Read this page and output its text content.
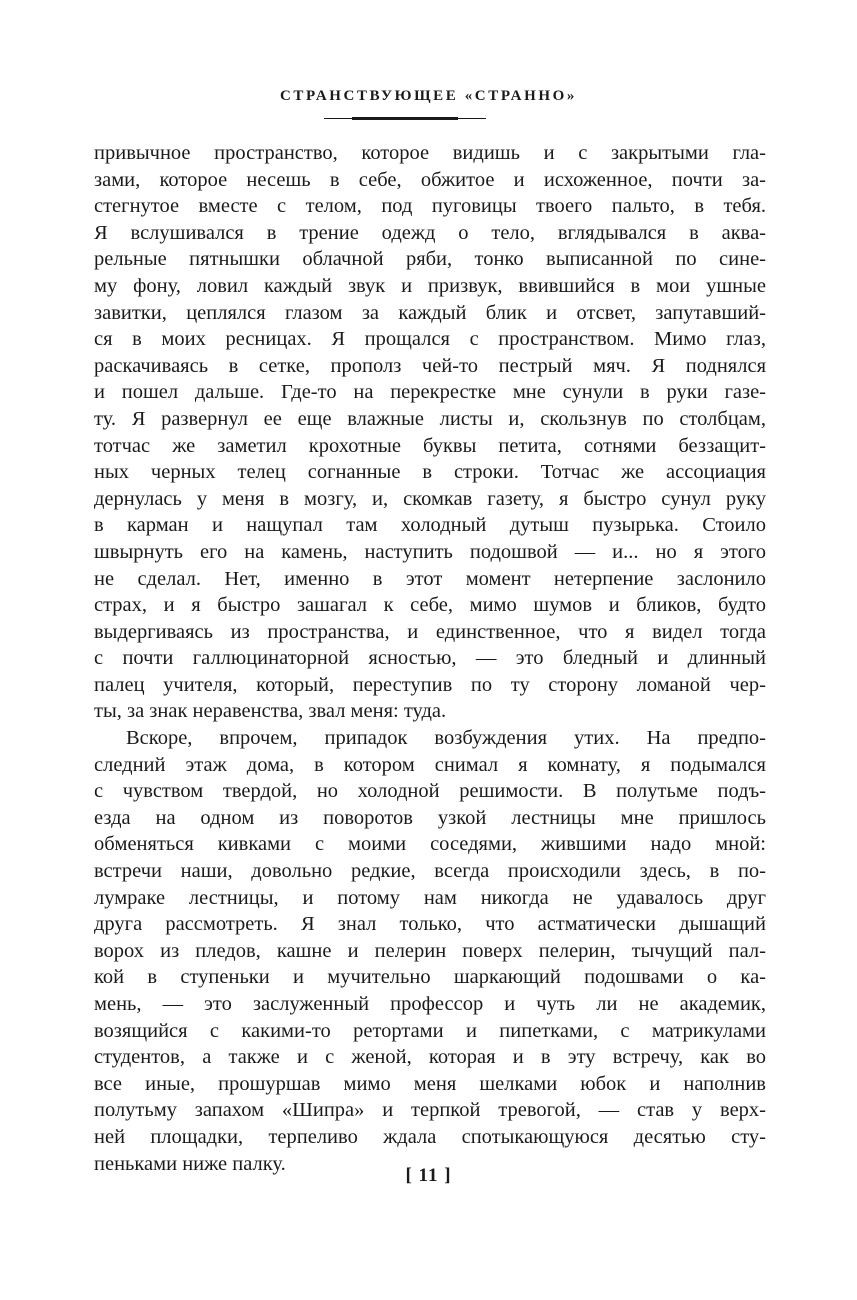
СТРАНСТВУЮЩЕЕ «СТРАННО»
привычное пространство, которое видишь и с закрытыми гла-
зами, которое несешь в себе, обжитое и исхоженное, почти за-
стегнутое вместе с телом, под пуговицы твоего пальто, в тебя.
Я вслушивался в трение одежд о тело, вглядывался в аква-
рельные пятнышки облачной ряби, тонко выписанной по сине-
му фону, ловил каждый звук и призвук, ввившийся в мои ушные
завитки, цеплялся глазом за каждый блик и отсвет, запутавший-
ся в моих ресницах. Я прощался с пространством. Мимо глаз,
раскачиваясь в сетке, прополз чей-то пестрый мяч. Я поднялся
и пошел дальше. Где-то на перекрестке мне сунули в руки газе-
ту. Я развернул ее еще влажные листы и, скользнув по столбцам,
тотчас же заметил крохотные буквы петита, сотнями беззащит-
ных черных телец согнанные в строки. Тотчас же ассоциация
дернулась у меня в мозгу, и, скомкав газету, я быстро сунул руку
в карман и нащупал там холодный дутыш пузырька. Стоило
швырнуть его на камень, наступить подошвой — и... но я этого
не сделал. Нет, именно в этот момент нетерпение заслонило
страх, и я быстро зашагал к себе, мимо шумов и бликов, будто
выдергиваясь из пространства, и единственное, что я видел тогда
с почти галлюцинаторной ясностью, — это бледный и длинный
палец учителя, который, переступив по ту сторону ломаной чер-
ты, за знак неравенства, звал меня: туда.
Вскоре, впрочем, припадок возбуждения утих. На предпо-
следний этаж дома, в котором снимал я комнату, я подымался
с чувством твердой, но холодной решимости. В полутьме подъ-
езда на одном из поворотов узкой лестницы мне пришлось
обменяться кивками с моими соседями, жившими надо мной:
встречи наши, довольно редкие, всегда происходили здесь, в по-
лумраке лестницы, и потому нам никогда не удавалось друг
друга рассмотреть. Я знал только, что астматически дышащий
ворох из пледов, кашне и пелерин поверх пелерин, тычущий пал-
кой в ступеньки и мучительно шаркающий подошвами о ка-
мень, — это заслуженный профессор и чуть ли не академик,
возящийся с какими-то ретортами и пипетками, с матрикулами
студентов, а также и с женой, которая и в эту встречу, как во
все иные, прошуршав мимо меня шелками юбок и наполнив
полутьму запахом «Шипра» и терпкой тревогой, — став у верх-
ней площадки, терпеливо ждала спотыкающуюся десятью сту-
пеньками ниже палку.
[ 11 ]
